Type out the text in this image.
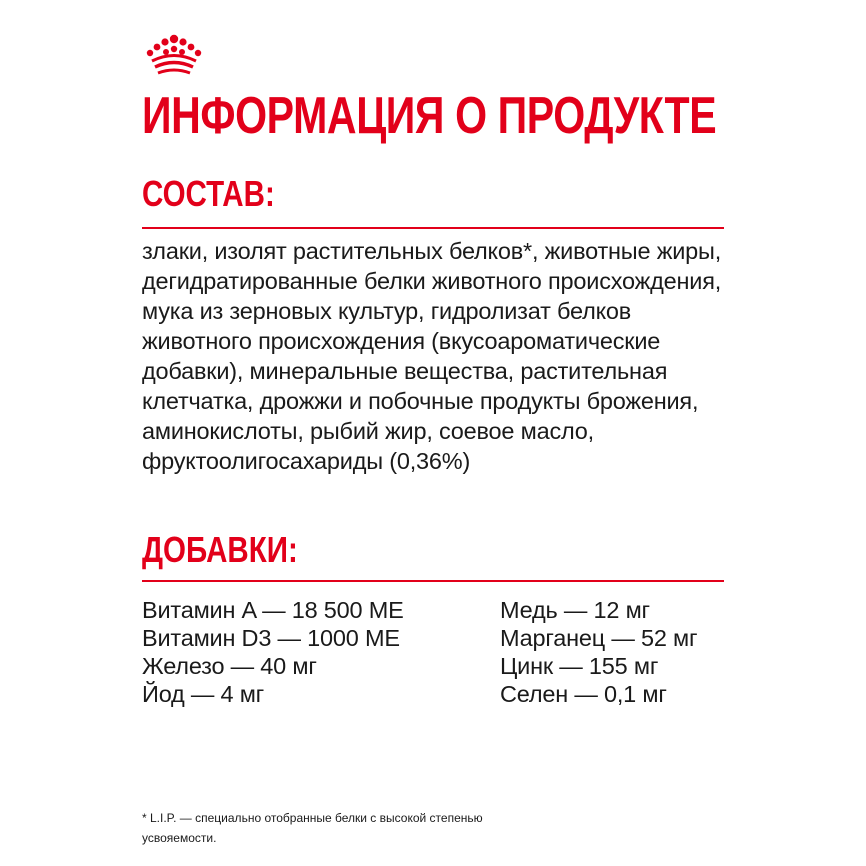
ИНФОРМАЦИЯ О ПРОДУКТЕ
СОСТАВ:

злаки, изолят растительных белков*, животные жиры, дегидратированные белки животного происхождения, мука из зерновых культур, гидролизат белков животного происхождения (вкусоароматические добавки), минеральные вещества, растительная клетчатка, дрожжи и побочные продукты брожения, аминокислоты, рыбий жир, соевое масло, фруктоолигосахариды (0,36%)

ДОБАВКИ:
Витамин A — 18 500 МЕ
Витамин D3 — 1000 МЕ
Железо — 40 мг
Йод — 4 мг
Медь — 12 мг
Марганец — 52 мг
Цинк — 155 мг
Селен — 0,1 мг

* L.I.P. — специально отобранные белки с высокой степенью усвояемости.
